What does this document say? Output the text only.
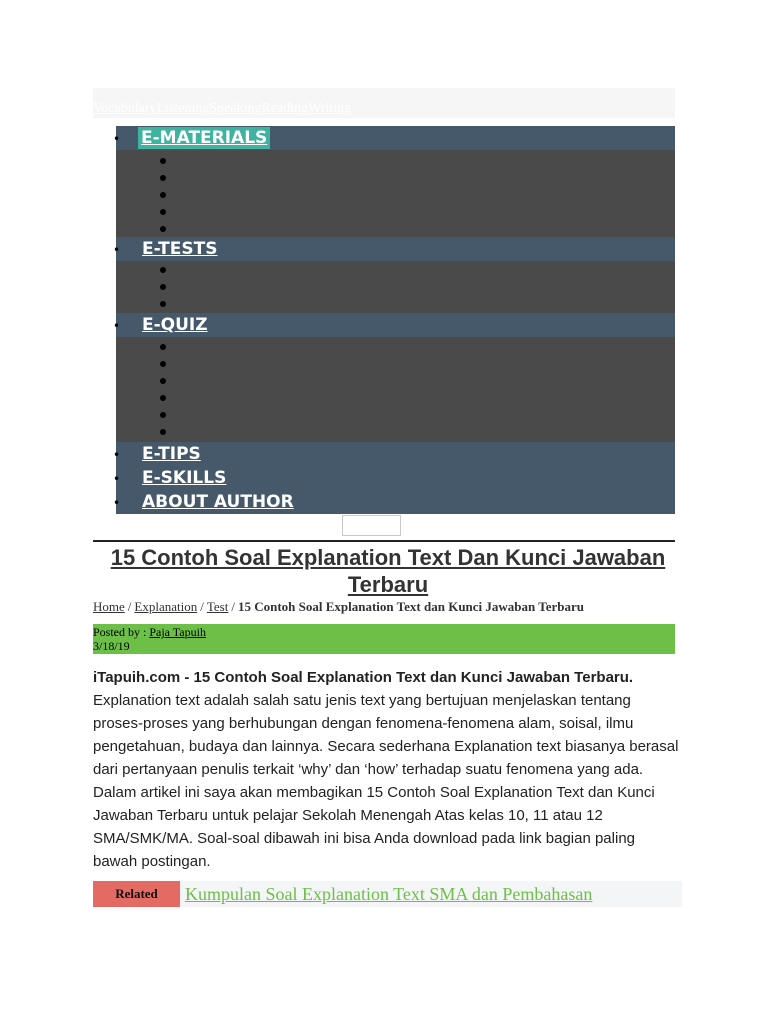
VocabularyListeningSpeakingReadingWriting
• E-MATERIALS
• E-TESTS
• E-QUIZ
• E-TIPS
• E-SKILLS
• ABOUT AUTHOR
15 Contoh Soal Explanation Text Dan Kunci Jawaban Terbaru
Home / Explanation / Test / 15 Contoh Soal Explanation Text dan Kunci Jawaban Terbaru
Posted by : Paja Tapuih
3/18/19
iTapuih.com - 15 Contoh Soal Explanation Text dan Kunci Jawaban Terbaru. Explanation text adalah salah satu jenis text yang bertujuan menjelaskan tentang proses-proses yang berhubungan dengan fenomena-fenomena alam, soisal, ilmu pengetahuan, budaya dan lainnya. Secara sederhana Explanation text biasanya berasal dari pertanyaan penulis terkait ‘why’ dan ‘how’ terhadap suatu fenomena yang ada. Dalam artikel ini saya akan membagikan 15 Contoh Soal Explanation Text dan Kunci Jawaban Terbaru untuk pelajar Sekolah Menengah Atas kelas 10, 11 atau 12 SMA/SMK/MA. Soal-soal dibawah ini bisa Anda download pada link bagian paling bawah postingan.
Related	Kumpulan Soal Explanation Text SMA dan Pembahasan
